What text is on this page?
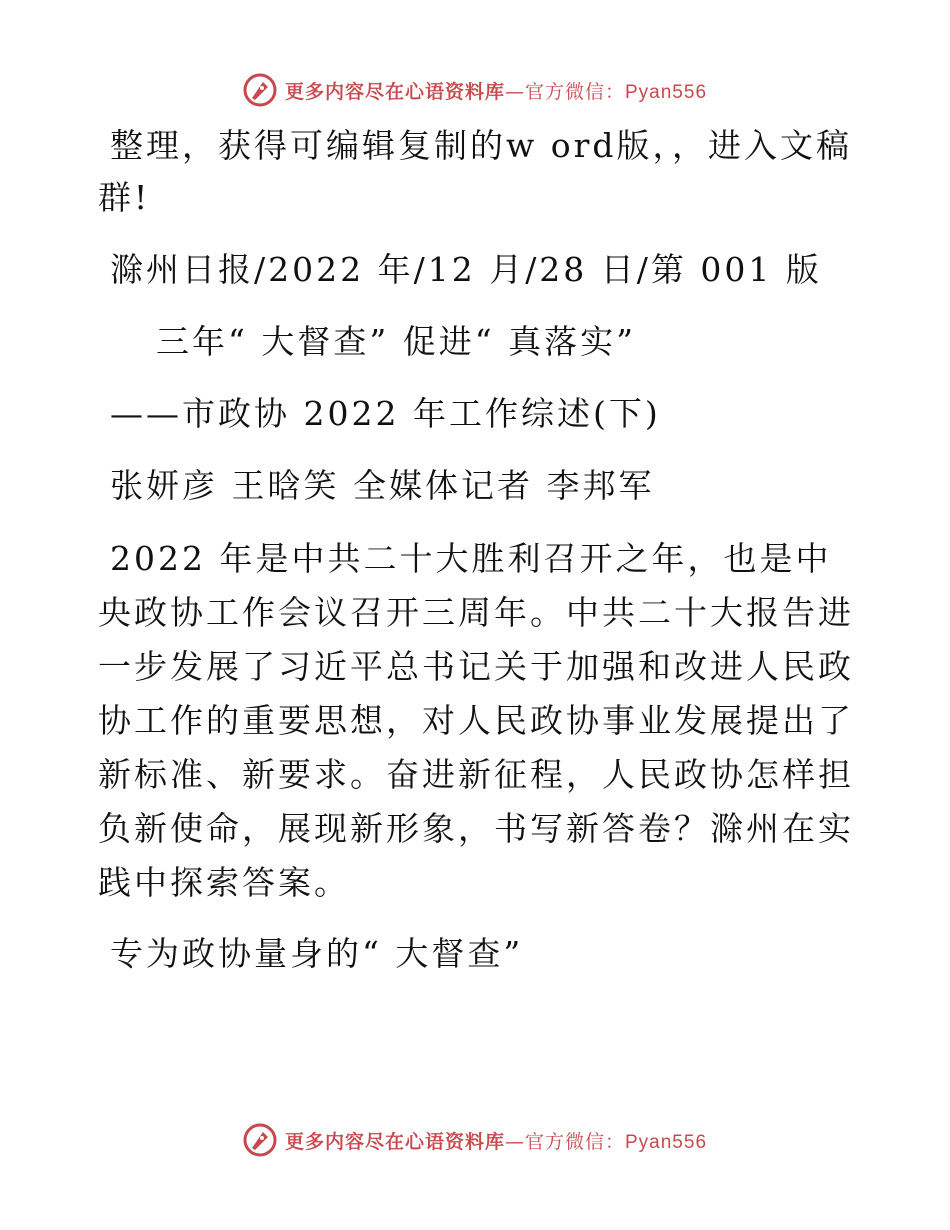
更多内容尽在心语资料库—官方微信：Pyan556

整理，获得可编辑复制的w ord版，，进入文稿

群!

滁州日报/2022 年/12 月/28 日/第 001 版

三年“ 大督查” 促进“ 真落实”

——市政协 2022 年工作综述(下)

张妍彦 王晗笑 全媒体记者 李邦军

2022 年是中共二十大胜利召开之年，也是中央政协工作会议召开三周年。中共二十大报告进一步发展了习近平总书记关于加强和改进人民政协工作的重要思想，对人民政协事业发展提出了新标准、新要求。奋进新征程，人民政协怎样担负新使命，展现新形象，书写新答卷？滁州在实践中探索答案。

专为政协量身的“ 大督查”

更多内容尽在心语资料库—官方微信：Pyan556
